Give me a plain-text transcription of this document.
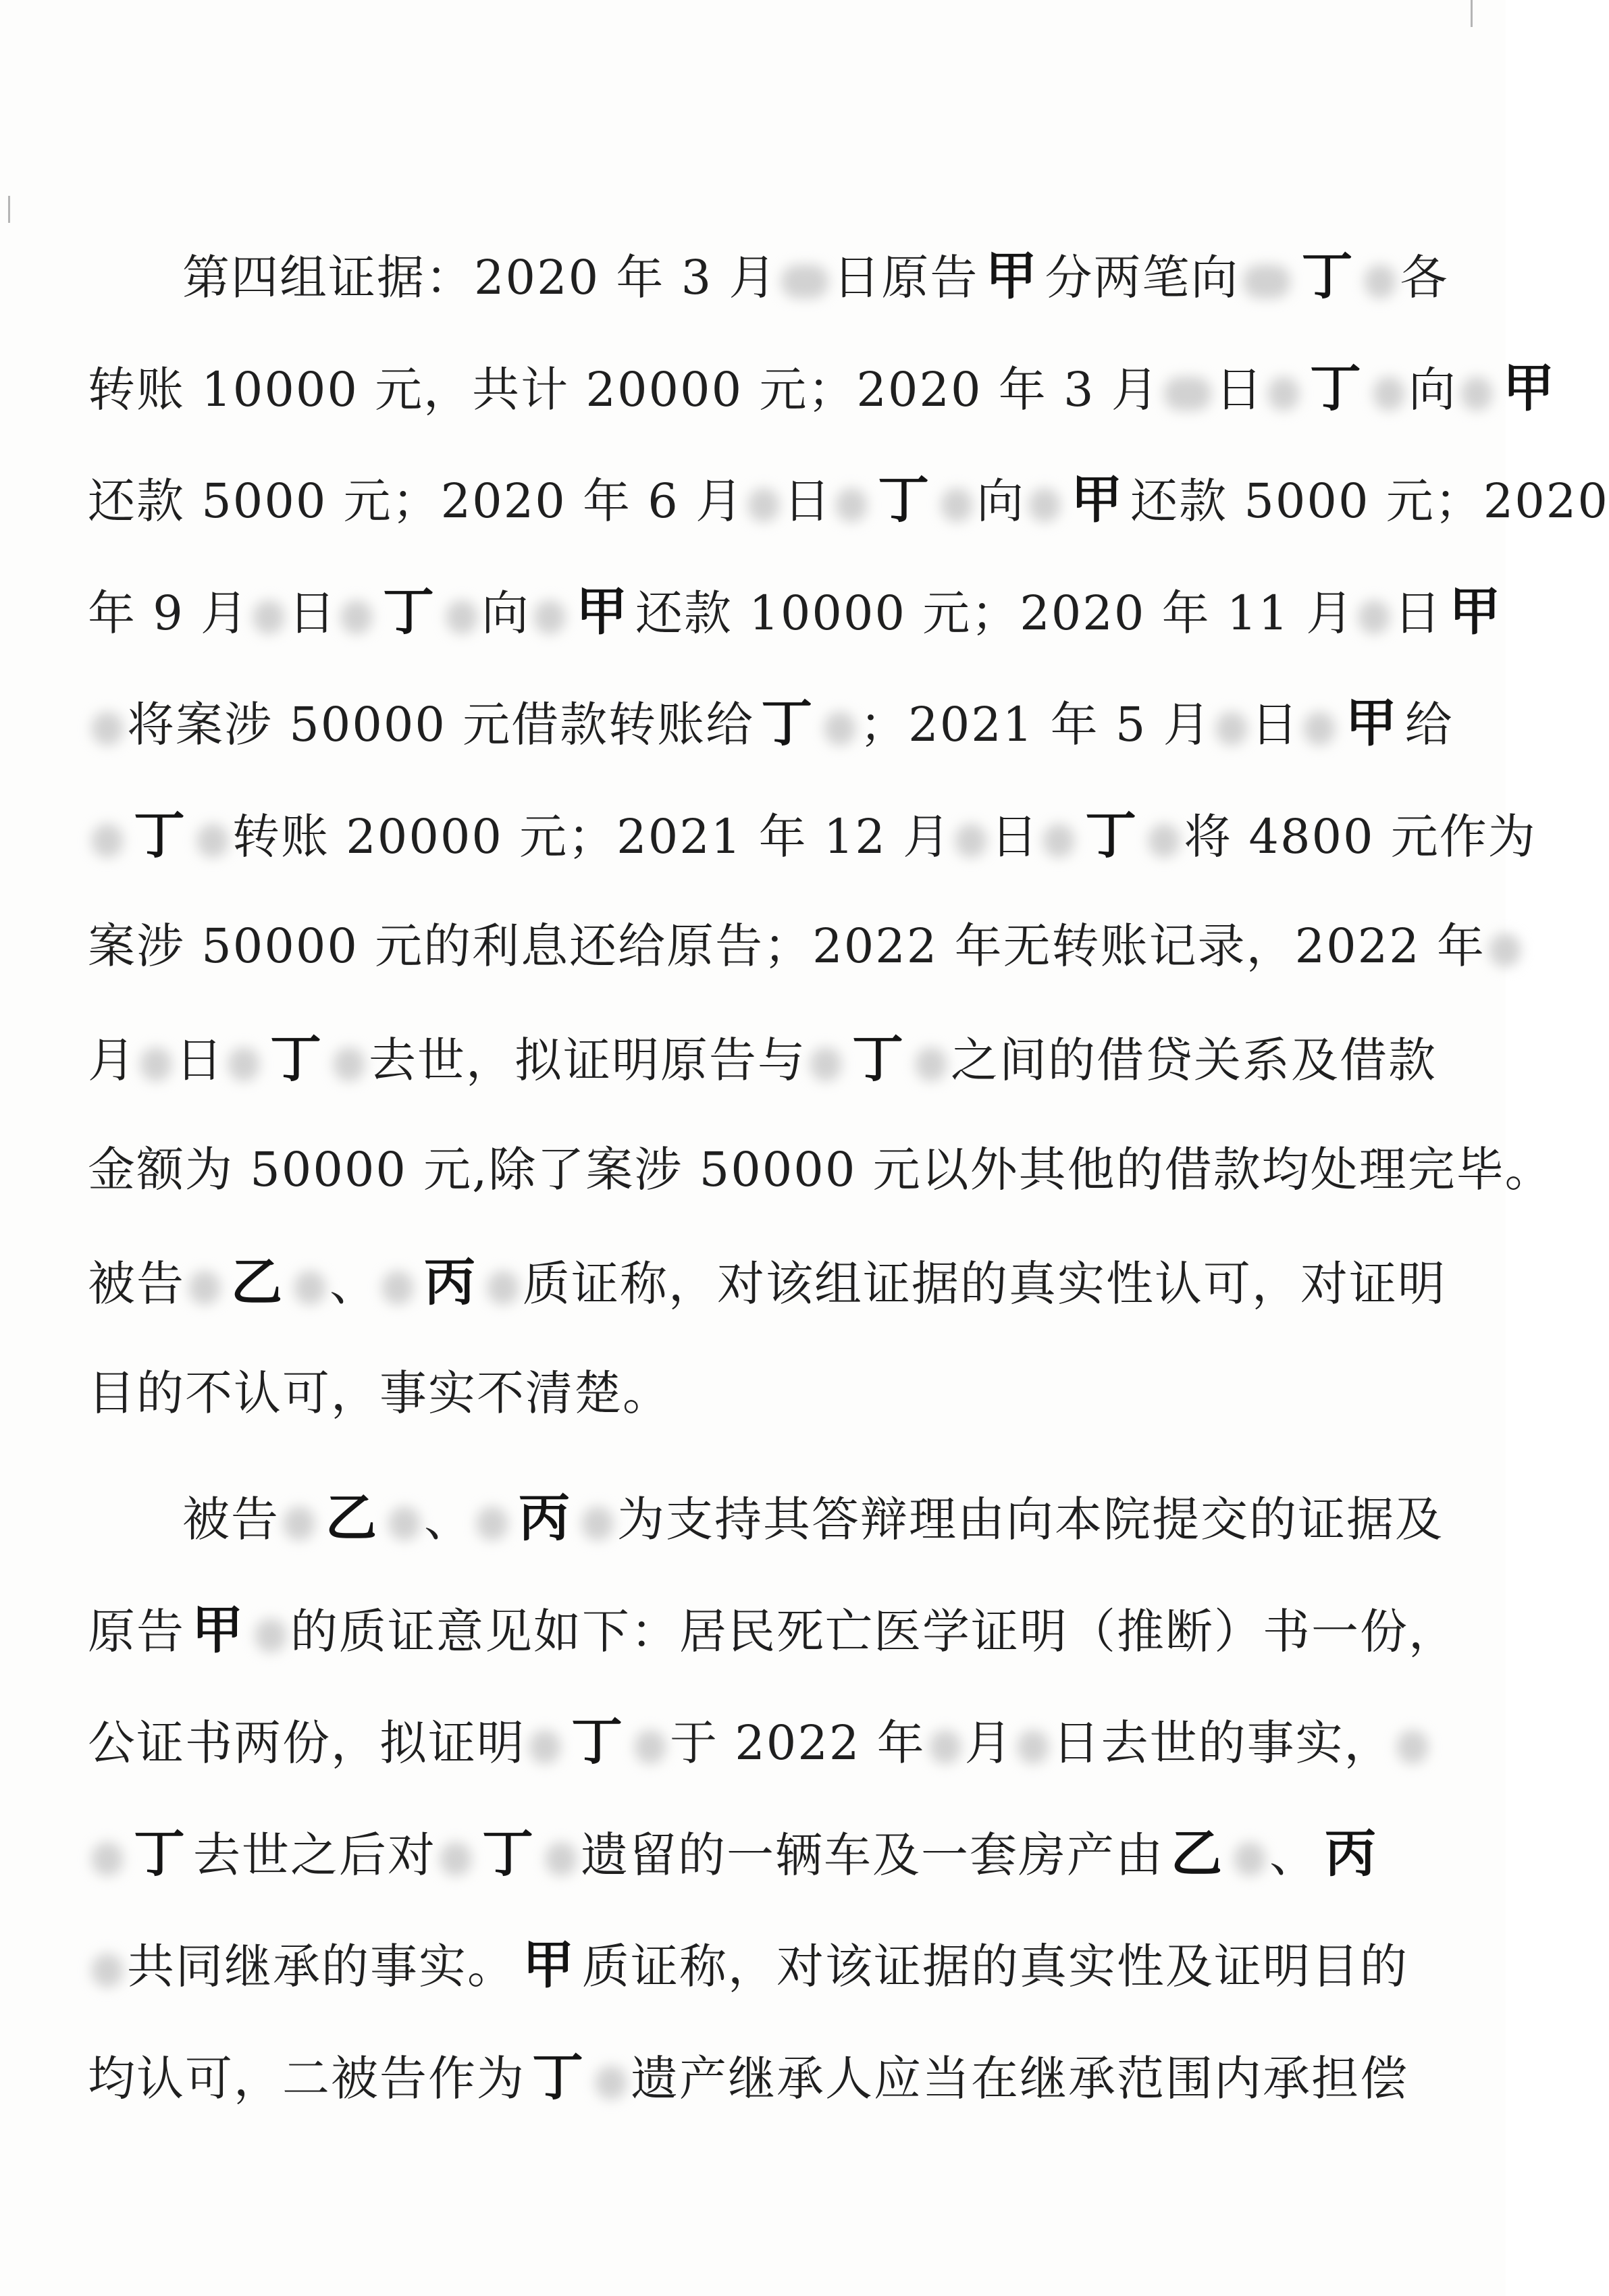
第四组证据：2020 年 3 月 日原告 甲 分两笔向 丁 各
转账 10000 元，共计 20000 元；2020 年 3 月 日 丁 向 甲
还款 5000 元；2020 年 6 月 日 丁 向 甲 还款 5000 元；2020
年 9 月 日 丁 向 甲 还款 10000 元；2020 年 11 月 日 甲
将案涉 50000 元借款转账给 丁 ；2021 年 5 月 日 甲 给
丁 转账 20000 元；2021 年 12 月 日 丁 将 4800 元作为
案涉 50000 元的利息还给原告；2022 年无转账记录，2022 年
月 日 丁 去世，拟证明原告与 丁 之间的借贷关系及借款
金额为 50000 元,除了案涉 50000 元以外其他的借款均处理完毕。
被告 乙 、 丙 质证称，对该组证据的真实性认可，对证明
目的不认可，事实不清楚。
被告 乙 、 丙 为支持其答辩理由向本院提交的证据及
原告 甲 的质证意见如下：居民死亡医学证明（推断）书一份，
公证书两份，拟证明 丁 于 2022 年 月 日去世的事实，
丁 去世之后对 丁 遗留的一辆车及一套房产由 乙 、 丙
共同继承的事实。 甲 质证称，对该证据的真实性及证明目的
均认可，二被告作为 丁 遗产继承人应当在继承范围内承担偿
